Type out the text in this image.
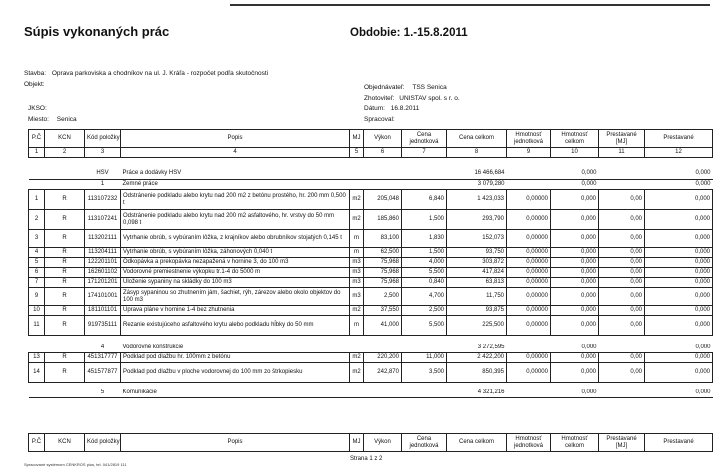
Súpis vykonaných prác	Obdobie: 1.-15.8.2011
Stavba: Oprava parkoviska a chodníkov na ul. J. Kráľa - rozpočet podľa skutočnosti
Objekt:
JKSO:
Miesto: Senica
Objednávateľ: TSS Senica
Zhotoviteľ: UNISTAV spol. s r. o.
Dátum: 16.8.2011
Spracoval:
P.Č	KCN	Kód položky	Popis	MJ	Výkon	Cena jednotková	Cena celkom	Hmotnosť jednotková	Hmotnosť celkom	Prestavané [MJ]	Prestavané
1	2	3	4	5	6	7	8	9	10	11	12

		HSV	Práce a dodávky HSV				16 466,684		0,000		0,000
		1	Zemné práce				3 079,280		0,000		0,000
1	R	113107232	Odstránenie podkladu alebo krytu nad 200 m2 z betónu prostého, hr. 200 mm 0,500 t	m2	205,048	6,840	1 423,033	0,00000	0,000	0,00	0,000
2	R	113107241	Odstránenie podkladu alebo krytu nad 200 m2 asfaltového, hr. vrstvy do 50 mm 0,098 t	m2	185,860	1,500	293,790	0,00000	0,000	0,00	0,000
3	R	113202111	Vytrhanie obrúb, s vybúraním lôžka, z krajníkov alebo obrubníkov stojatých 0,145 t	m	83,100	1,830	152,073	0,00000	0,000	0,00	0,000
4	R	113204111	Vytrhanie obrúb, s vybúraním lôžka, záhonových 0,040 t	m	62,500	1,500	93,750	0,00000	0,000	0,00	0,000
5	R	122201101	Odkopávka a prekopávka nezapažená v hornine 3, do 100 m3	m3	75,968	4,000	303,872	0,00000	0,000	0,00	0,000
6	R	162601102	Vodorovné premiestnenie výkopku tr.1-4 do 5000 m	m3	75,968	5,500	417,824	0,00000	0,000	0,00	0,000
7	R	171201201	Uloženie sypaniny na skládky do 100 m3	m3	75,968	0,840	63,813	0,00000	0,000	0,00	0,000
9	R	174101001	Zásyp sypaninou so zhutnením jám, šachiet, rýh, zárezov alebo okolo objektov do 100 m3	m3	2,500	4,700	11,750	0,00000	0,000	0,00	0,000
10	R	181101101	Úprava pláne v hornine 1-4 bez zhutnenia	m2	37,550	2,500	93,875	0,00000	0,000	0,00	0,000
11	R	919735111	Rezanie existujúceho asfaltového krytu alebo podkladu hĺbky do 50 mm	m	41,000	5,500	225,500	0,00000	0,000	0,00	0,000

		4	Vodorovné konštrukcie				3 272,595		0,000		0,000
13	R	451317777	Podklad pod dlažbu hr. 100mm z betónu	m2	220,200	11,000	2 422,200	0,00000	0,000	0,00	0,000
14	R	451577877	Podklad pod dlažbu v ploche vodorovnej do 100 mm zo štrkopiesku	m2	242,870	3,500	850,395	0,00000	0,000	0,00	0,000

		5	Komunikácie				4 321,216		0,000		0,000
P.Č	KCN	Kód položky	Popis	MJ	Výkon	Cena jednotková	Cena celkom	Hmotnosť jednotková	Hmotnosť celkom	Prestavané [MJ]	Prestavané
Strana 1 z 2
Spracované systémom CENKROS plus, tel. 041/2819 111
